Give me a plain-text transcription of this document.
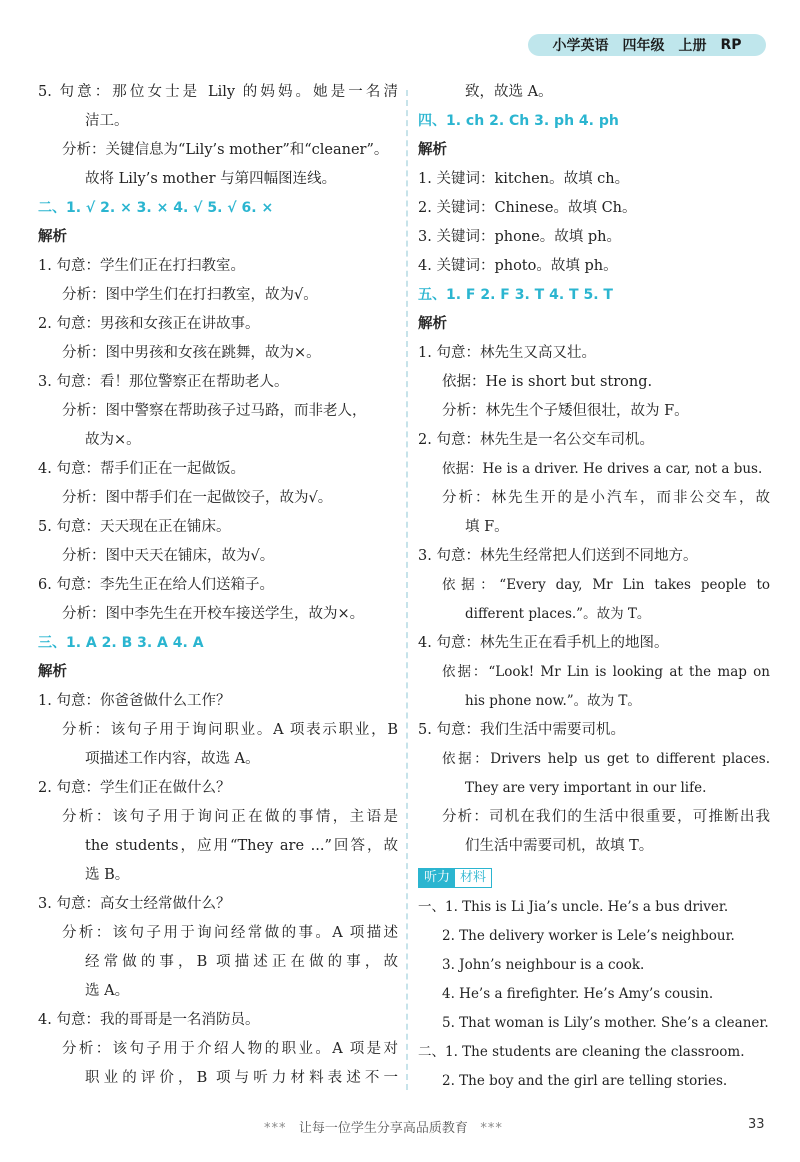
小学英语 四年级 上册 RP
5. 句意：那位女士是 Lily 的妈妈。她是一名清
洁工。
分析：关键信息为“Lily’s mother”和“cleaner”。
故将 Lily’s mother 与第四幅图连线。
二、1. √ 2. × 3. × 4. √ 5. √ 6. ×
解析
1. 句意：学生们正在打扫教室。
分析：图中学生们在打扫教室，故为√。
2. 句意：男孩和女孩正在讲故事。
分析：图中男孩和女孩在跳舞，故为×。
3. 句意：看！那位警察正在帮助老人。
分析：图中警察在帮助孩子过马路，而非老人，
故为×。
4. 句意：帮手们正在一起做饭。
分析：图中帮手们在一起做饺子，故为√。
5. 句意：天天现在正在铺床。
分析：图中天天在铺床，故为√。
6. 句意：李先生正在给人们送箱子。
分析：图中李先生在开校车接送学生，故为×。
三、1. A 2. B 3. A 4. A
解析
1. 句意：你爸爸做什么工作？
分析：该句子用于询问职业。A 项表示职业，B
项描述工作内容，故选 A。
2. 句意：学生们正在做什么？
分析：该句子用于询问正在做的事情，主语是
the students，应用“They are ...”回答，故
选 B。
3. 句意：高女士经常做什么？
分析：该句子用于询问经常做的事。A 项描述
经常做的事，B 项描述正在做的事，故
选 A。
4. 句意：我的哥哥是一名消防员。
分析：该句子用于介绍人物的职业。A 项是对
职业的评价，B 项与听力材料表述不一
致，故选 A。
四、1. ch 2. Ch 3. ph 4. ph
解析
1. 关键词：kitchen。故填 ch。
2. 关键词：Chinese。故填 Ch。
3. 关键词：phone。故填 ph。
4. 关键词：photo。故填 ph。
五、1. F 2. F 3. T 4. T 5. T
解析
1. 句意：林先生又高又壮。
依据：He is short but strong.
分析：林先生个子矮但很壮，故为 F。
2. 句意：林先生是一名公交车司机。
依据：He is a driver. He drives a car, not a bus.
分析：林先生开的是小汽车，而非公交车，故
填 F。
3. 句意：林先生经常把人们送到不同地方。
依据：“Every day, Mr Lin takes people to
different places.”。故为 T。
4. 句意：林先生正在看手机上的地图。
依据：“Look! Mr Lin is looking at the map on
his phone now.”。故为 T。
5. 句意：我们生活中需要司机。
依据：Drivers help us get to different places.
They are very important in our life.
分析：司机在我们的生活中很重要，可推断出我
们生活中需要司机，故填 T。
听力 材料
一、1. This is Li Jia’s uncle. He’s a bus driver.
2. The delivery worker is Lele’s neighbour.
3. John’s neighbour is a cook.
4. He’s a firefighter. He’s Amy’s cousin.
5. That woman is Lily’s mother. She’s a cleaner.
二、1. The students are cleaning the classroom.
2. The boy and the girl are telling stories.
*** 让每一位学生分享高品质教育 ***	33
